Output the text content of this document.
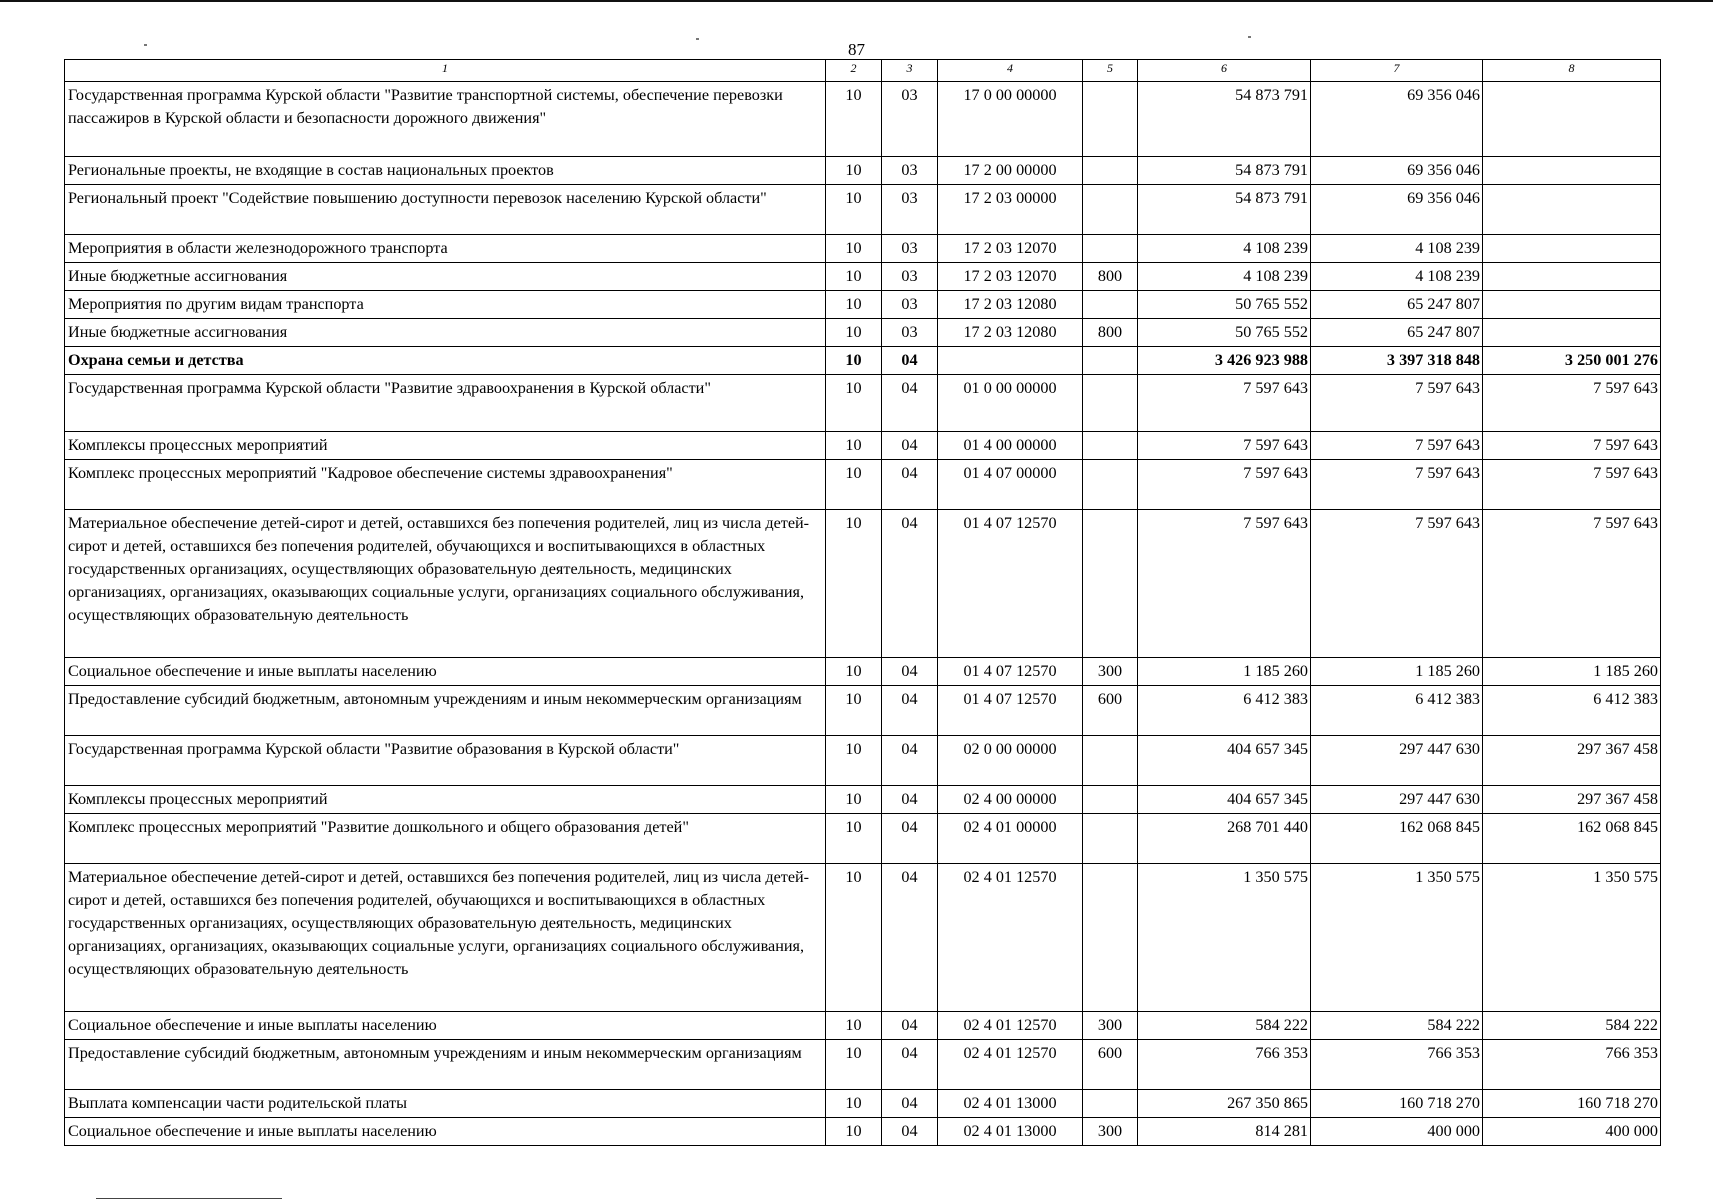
87
1	2	3	4	5	6	7	8
Государственная программа Курской области "Развитие транспортной системы, обеспечение перевозки пассажиров в Курской области и безопасности дорожного движения"	10	03	17 0 00 00000		54 873 791	69 356 046	
Региональные проекты, не входящие в состав национальных проектов	10	03	17 2 00 00000		54 873 791	69 356 046	
Региональный проект "Содействие повышению доступности перевозок населению Курской области"	10	03	17 2 03 00000		54 873 791	69 356 046	
Мероприятия в области железнодорожного транспорта	10	03	17 2 03 12070		4 108 239	4 108 239	
Иные бюджетные ассигнования	10	03	17 2 03 12070	800	4 108 239	4 108 239	
Мероприятия по другим видам транспорта	10	03	17 2 03 12080		50 765 552	65 247 807	
Иные бюджетные ассигнования	10	03	17 2 03 12080	800	50 765 552	65 247 807	
Охрана семьи и детства	10	04			3 426 923 988	3 397 318 848	3 250 001 276
Государственная программа Курской области "Развитие здравоохранения в Курской области"	10	04	01 0 00 00000		7 597 643	7 597 643	7 597 643
Комплексы процессных мероприятий	10	04	01 4 00 00000		7 597 643	7 597 643	7 597 643
Комплекс процессных мероприятий "Кадровое обеспечение системы здравоохранения"	10	04	01 4 07 00000		7 597 643	7 597 643	7 597 643
Материальное обеспечение детей-сирот и детей, оставшихся без попечения родителей, лиц из числа детей-сирот и детей, оставшихся без попечения родителей, обучающихся и воспитывающихся в областных государственных организациях, осуществляющих образовательную деятельность, медицинских организациях, организациях, оказывающих социальные услуги, организациях социального обслуживания, осуществляющих образовательную деятельность	10	04	01 4 07 12570		7 597 643	7 597 643	7 597 643
Социальное обеспечение и иные выплаты населению	10	04	01 4 07 12570	300	1 185 260	1 185 260	1 185 260
Предоставление субсидий бюджетным, автономным учреждениям и иным некоммерческим организациям	10	04	01 4 07 12570	600	6 412 383	6 412 383	6 412 383
Государственная программа Курской области "Развитие образования в Курской области"	10	04	02 0 00 00000		404 657 345	297 447 630	297 367 458
Комплексы процессных мероприятий	10	04	02 4 00 00000		404 657 345	297 447 630	297 367 458
Комплекс процессных мероприятий "Развитие дошкольного и общего образования детей"	10	04	02 4 01 00000		268 701 440	162 068 845	162 068 845
Материальное обеспечение детей-сирот и детей, оставшихся без попечения родителей, лиц из числа детей-сирот и детей, оставшихся без попечения родителей, обучающихся и воспитывающихся в областных государственных организациях, осуществляющих образовательную деятельность, медицинских организациях, организациях, оказывающих социальные услуги, организациях социального обслуживания, осуществляющих образовательную деятельность	10	04	02 4 01 12570		1 350 575	1 350 575	1 350 575
Социальное обеспечение и иные выплаты населению	10	04	02 4 01 12570	300	584 222	584 222	584 222
Предоставление субсидий бюджетным, автономным учреждениям и иным некоммерческим организациям	10	04	02 4 01 12570	600	766 353	766 353	766 353
Выплата компенсации части родительской платы	10	04	02 4 01 13000		267 350 865	160 718 270	160 718 270
Социальное обеспечение и иные выплаты населению	10	04	02 4 01 13000	300	814 281	400 000	400 000
